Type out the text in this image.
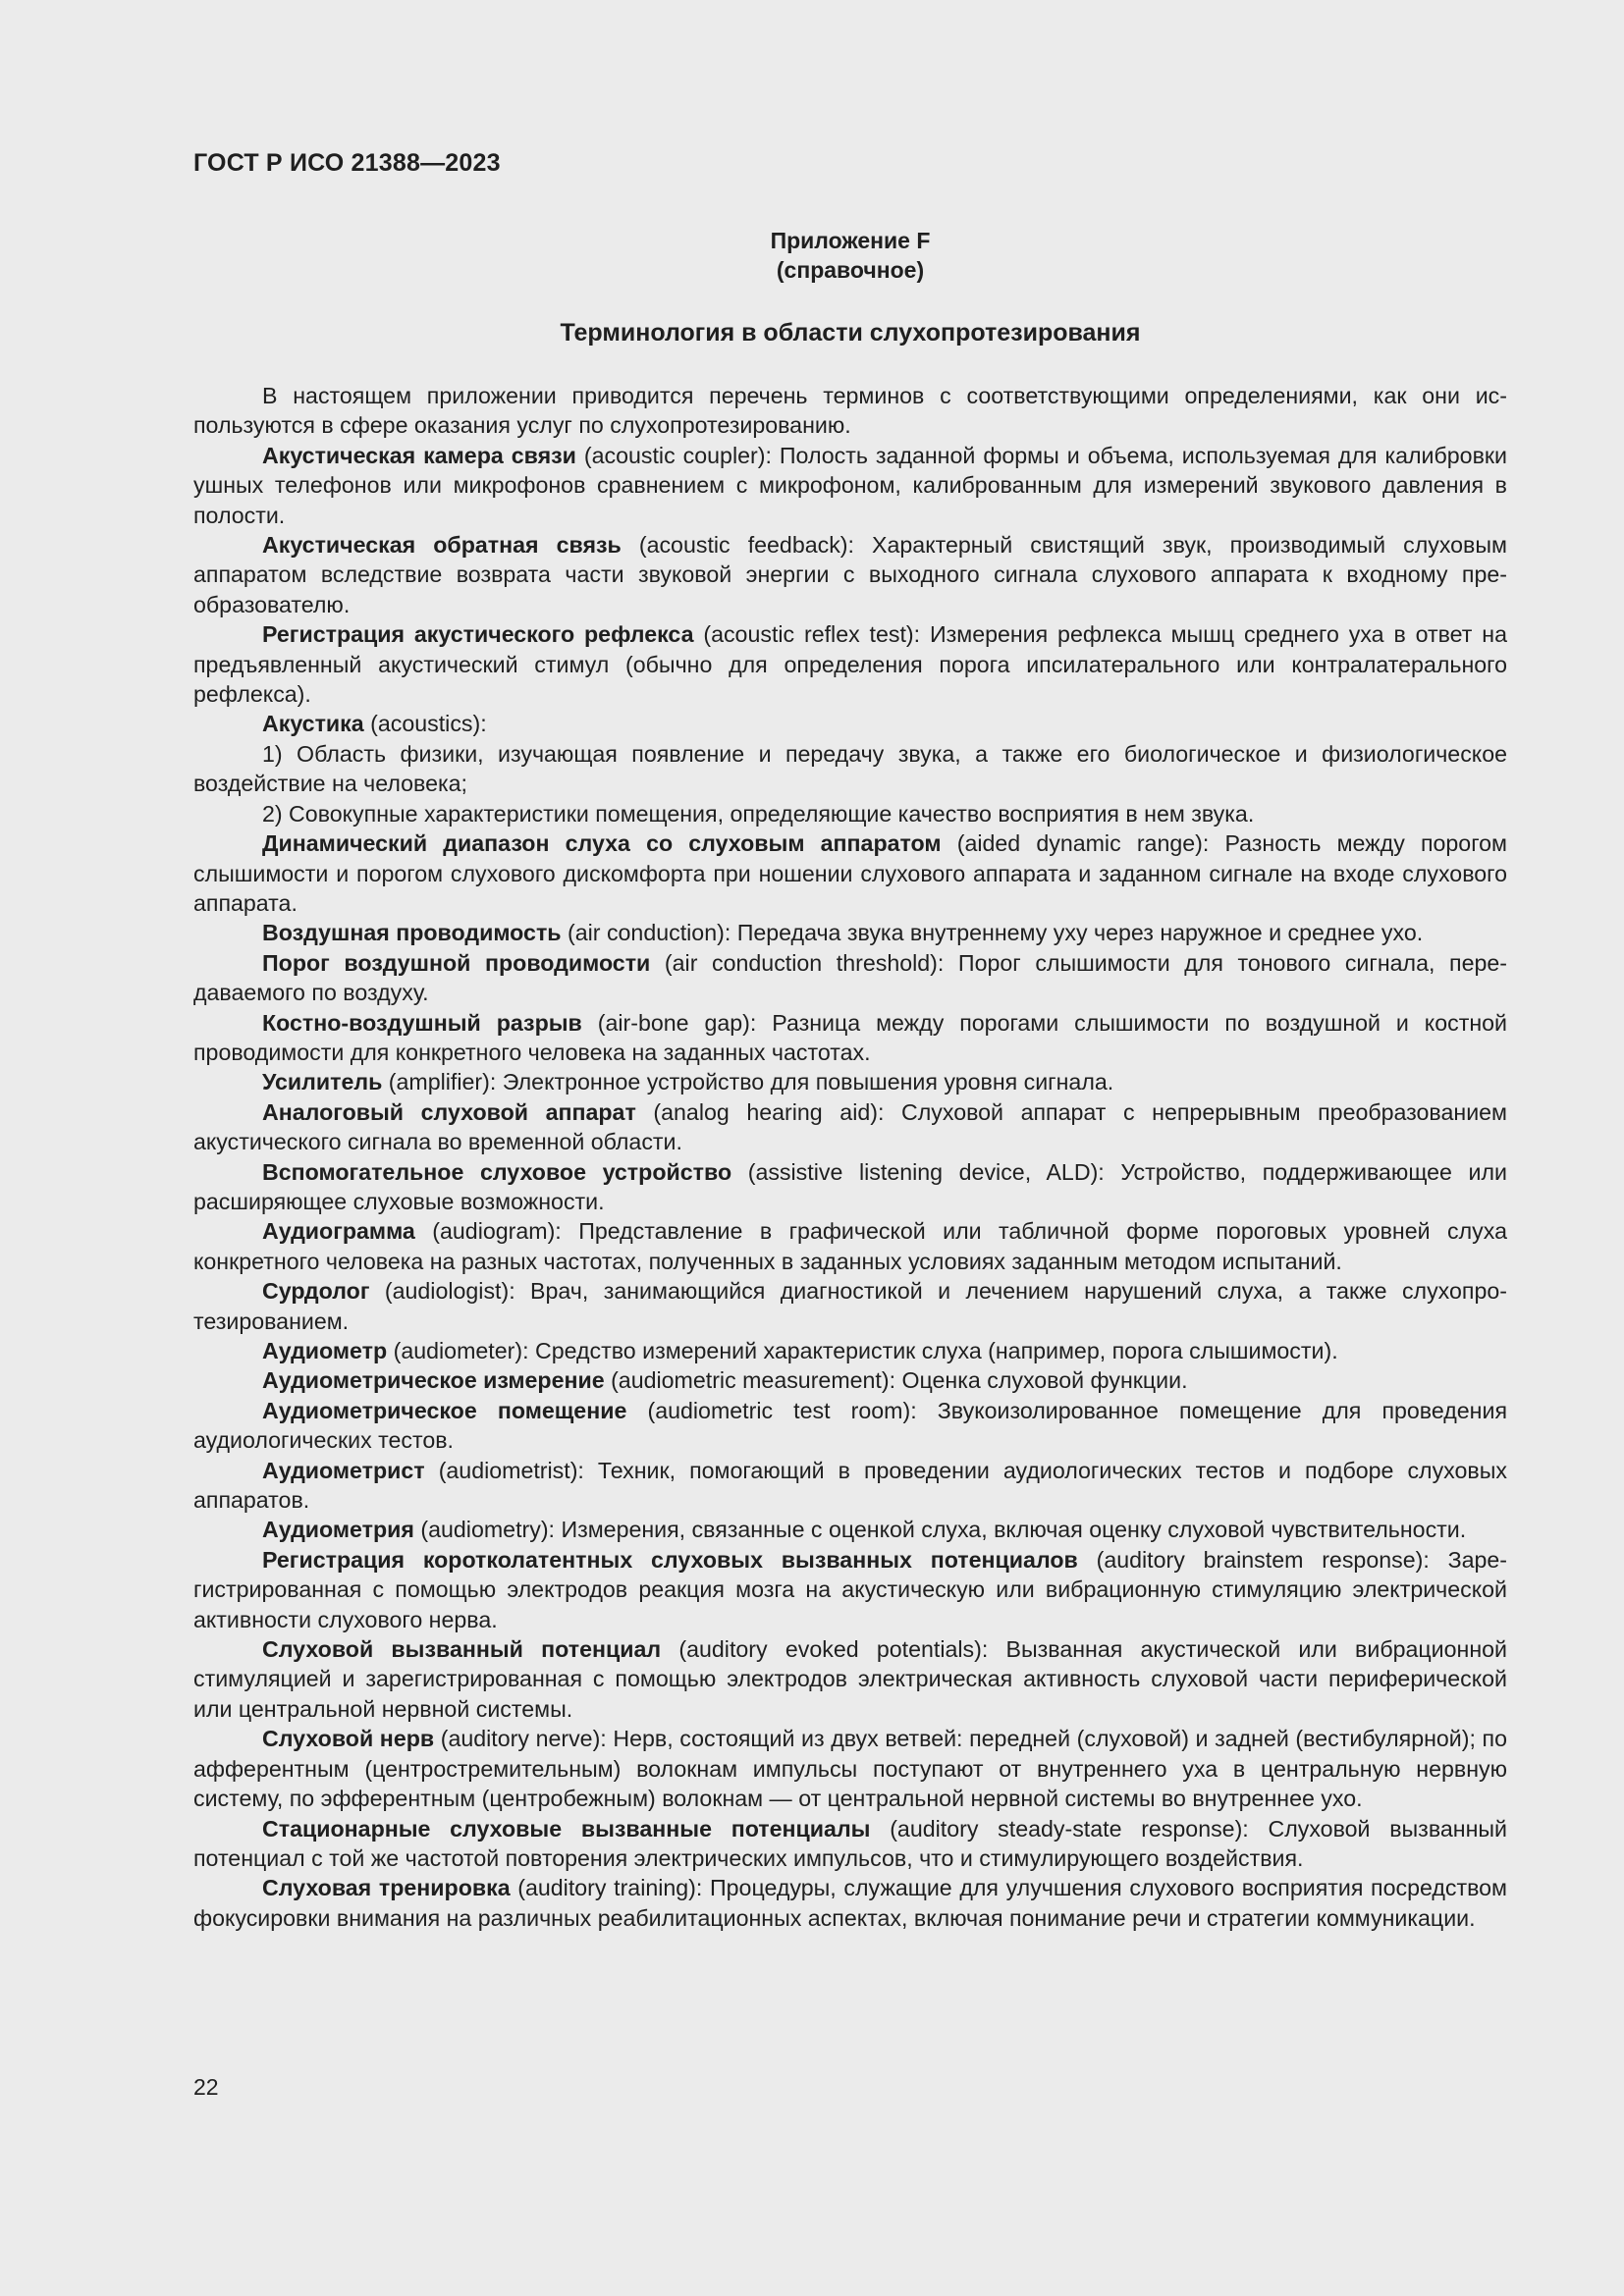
ГОСТ Р ИСО 21388—2023
Приложение F
(справочное)
Терминология в области слухопротезирования

В настоящем приложении приводится перечень терминов с соответствующими определениями, как они используются в сфере оказания услуг по слухопротезированию.

Акустическая камера связи (acoustic coupler): Полость заданной формы и объема, используемая для калибровки ушных телефонов или микрофонов сравнением с микрофоном, калиброванным для измерений звукового давления в полости.

Акустическая обратная связь (acoustic feedback): Характерный свистящий звук, производимый слуховым аппаратом вследствие возврата части звуковой энергии с выходного сигнала слухового аппарата к входному преобразователю.

Регистрация акустического рефлекса (acoustic reflex test): Измерения рефлекса мышц среднего уха в ответ на предъявленный акустический стимул (обычно для определения порога ипсилатерального или контралатерального рефлекса).

Акустика (acoustics):

1) Область физики, изучающая появление и передачу звука, а также его биологическое и физиологическое воздействие на человека;

2) Совокупные характеристики помещения, определяющие качество восприятия в нем звука.

Динамический диапазон слуха со слуховым аппаратом (aided dynamic range): Разность между порогом слышимости и порогом слухового дискомфорта при ношении слухового аппарата и заданном сигнале на входе слухового аппарата.

Воздушная проводимость (air conduction): Передача звука внутреннему уху через наружное и среднее ухо.

Порог воздушной проводимости (air conduction threshold): Порог слышимости для тонового сигнала, передаваемого по воздуху.

Костно-воздушный разрыв (air-bone gap): Разница между порогами слышимости по воздушной и костной проводимости для конкретного человека на заданных частотах.

Усилитель (amplifier): Электронное устройство для повышения уровня сигнала.

Аналоговый слуховой аппарат (analog hearing aid): Слуховой аппарат с непрерывным преобразованием акустического сигнала во временной области.

Вспомогательное слуховое устройство (assistive listening device, ALD): Устройство, поддерживающее или расширяющее слуховые возможности.

Аудиограмма (audiogram): Представление в графической или табличной форме пороговых уровней слуха конкретного человека на разных частотах, полученных в заданных условиях заданным методом испытаний.

Сурдолог (audiologist): Врач, занимающийся диагностикой и лечением нарушений слуха, а также слухопротезированием.

Аудиометр (audiometer): Средство измерений характеристик слуха (например, порога слышимости).

Аудиометрическое измерение (audiometric measurement): Оценка слуховой функции.

Аудиометрическое помещение (audiometric test room): Звукоизолированное помещение для проведения аудиологических тестов.

Аудиометрист (audiometrist): Техник, помогающий в проведении аудиологических тестов и подборе слуховых аппаратов.

Аудиометрия (audiometry): Измерения, связанные с оценкой слуха, включая оценку слуховой чувствительности.

Регистрация коротколатентных слуховых вызванных потенциалов (auditory brainstem response): Зарегистрированная с помощью электродов реакция мозга на акустическую или вибрационную стимуляцию электрической активности слухового нерва.

Слуховой вызванный потенциал (auditory evoked potentials): Вызванная акустической или вибрационной стимуляцией и зарегистрированная с помощью электродов электрическая активность слуховой части периферической или центральной нервной системы.

Слуховой нерв (auditory nerve): Нерв, состоящий из двух ветвей: передней (слуховой) и задней (вестибулярной); по афферентным (центростремительным) волокнам импульсы поступают от внутреннего уха в центральную нервную систему, по эфферентным (центробежным) волокнам — от центральной нервной системы во внутреннее ухо.

Стационарные слуховые вызванные потенциалы (auditory steady-state response): Слуховой вызванный потенциал с той же частотой повторения электрических импульсов, что и стимулирующего воздействия.

Слуховая тренировка (auditory training): Процедуры, служащие для улучшения слухового восприятия посредством фокусировки внимания на различных реабилитационных аспектах, включая понимание речи и стратегии коммуникации.

22
